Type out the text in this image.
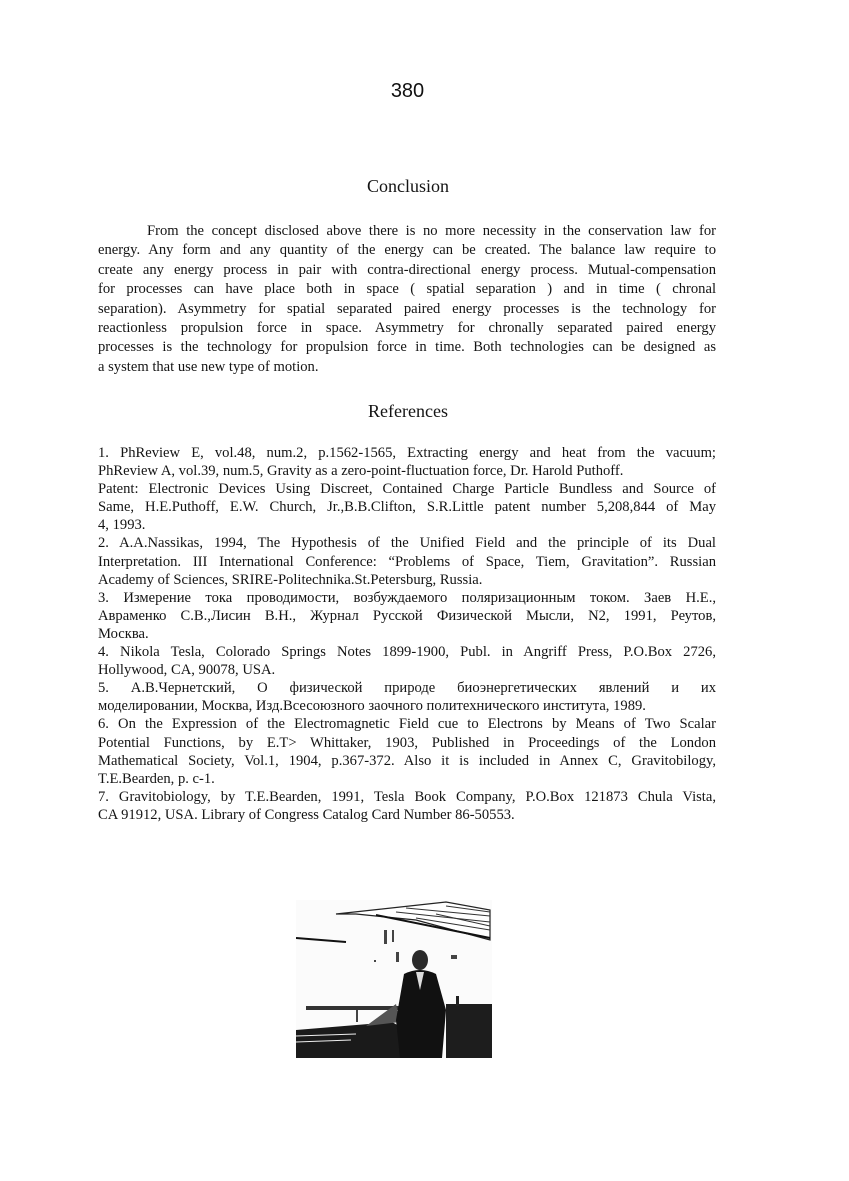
380
Conclusion
From the concept disclosed above there is no more necessity in the conservation law for
energy. Any form and any quantity of the energy can be created. The balance law require to
create any energy process in pair with contra-directional energy process. Mutual-compensation
for processes can have place both in space ( spatial separation ) and in time ( chronal
separation). Asymmetry for spatial separated paired energy processes is the technology for
reactionless propulsion force in space. Asymmetry for chronally separated paired energy
processes is the technology for propulsion force in time. Both technologies can be designed as
a system that use new type of motion.
References
1. PhReview E, vol.48, num.2, p.1562-1565, Extracting energy and heat from the vacuum;
PhReview A, vol.39, num.5, Gravity as a zero-point-fluctuation force, Dr. Harold Puthoff.
Patent: Electronic Devices Using Discreet, Contained Charge Particle Bundless and Source of
Same, H.E.Puthoff, E.W. Church, Jr.,B.B.Clifton, S.R.Little patent number 5,208,844 of May
4, 1993.
2. A.A.Nassikas, 1994, The Hypothesis of the Unified Field and the principle of its Dual
Interpretation. III International Conference: “Problems of Space, Tiem, Gravitation”. Russian
Academy of Sciences, SRIRE-Politechnika.St.Petersburg, Russia.
3. Измерение тока проводимости, возбуждаемого поляризационным током. Заев Н.Е.,
Авраменко С.В.,Лисин В.Н., Журнал Русской Физической Мысли, N2, 1991, Реутов,
Москва.
4. Nikola Tesla, Colorado Springs Notes 1899-1900, Publ. in Angriff Press, P.O.Box 2726,
Hollywood, CA, 90078, USA.
5. А.В.Чернетский, О физической природе биоэнергетических явлений и их
моделировании, Москва, Изд.Всесоюзного заочного политехнического института, 1989.
6. On the Expression of the Electromagnetic Field cue to Electrons by Means of Two Scalar
Potential Functions, by E.T> Whittaker, 1903, Published in Proceedings of the London
Mathematical Society, Vol.1, 1904, p.367-372. Also it is included in Annex C, Gravitobilogy,
T.E.Bearden, p. c-1.
7. Gravitobiology, by T.E.Bearden, 1991, Tesla Book Company, P.O.Box 121873 Chula Vista,
CA 91912, USA. Library of Congress Catalog Card Number 86-50553.
